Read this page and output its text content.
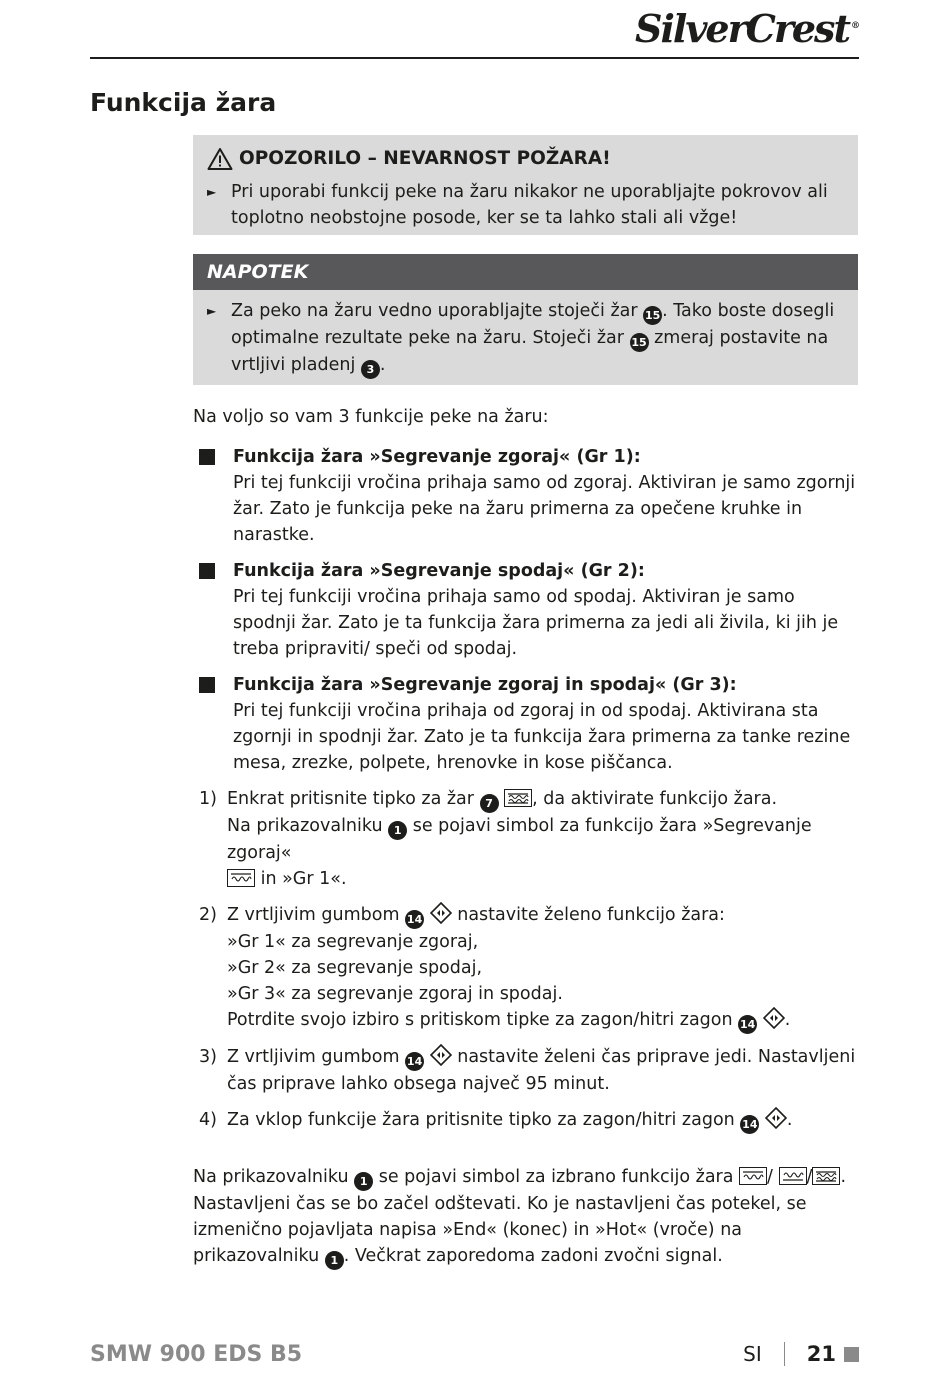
SilverCrest ®
Funkcija žara
OPOZORILO – NEVARNOST POŽARA!
► Pri uporabi funkcij peke na žaru nikakor ne uporabljajte pokrovov ali toplotno neobstojne posode, ker se ta lahko stali ali vžge!
NAPOTEK
► Za peko na žaru vedno uporabljajte stoječi žar 15 . Tako boste dosegli optimalne rezultate peke na žaru. Stoječi žar 15 zmeraj postavite na vrtljivi pladenj 3 .

Na voljo so vam 3 funkcije peke na žaru:

Funkcija žara »Segrevanje zgoraj« (Gr 1):
Pri tej funkciji vročina prihaja samo od zgoraj. Aktiviran je samo zgornji žar. Zato je funkcija peke na žaru primerna za opečene kruhke in narastke.
Funkcija žara »Segrevanje spodaj« (Gr 2):
Pri tej funkciji vročina prihaja samo od spodaj. Aktiviran je samo spodnji žar. Zato je ta funkcija žara primerna za jedi ali živila, ki jih je treba pripraviti/ speči od spodaj.
Funkcija žara »Segrevanje zgoraj in spodaj« (Gr 3):
Pri tej funkciji vročina prihaja od zgoraj in od spodaj. Aktivirana sta zgornji in spodnji žar. Zato je ta funkcija žara primerna za tanke rezine mesa, zrezke, polpete, hrenovke in kose piščanca.
1) Enkrat pritisnite tipko za žar 7 , da aktivirate funkcijo žara.
Na prikazovalniku 1 se pojavi simbol za funkcijo žara »Segrevanje zgoraj«
in »Gr 1«.
2) Z vrtljivim gumbom 14 nastavite želeno funkcijo žara:
»Gr 1« za segrevanje zgoraj,
»Gr 2« za segrevanje spodaj,
»Gr 3« za segrevanje zgoraj in spodaj.
Potrdite svojo izbiro s pritiskom tipke za zagon/hitri zagon 14 .
3) Z vrtljivim gumbom 14 nastavite želeni čas priprave jedi. Nastavljeni čas priprave lahko obsega največ 95 minut.
4) Za vklop funkcije žara pritisnite tipko za zagon/hitri zagon 14 .

Na prikazovalniku 1 se pojavi simbol za izbrano funkcijo žara / / . Nastavljeni čas se bo začel odštevati. Ko je nastavljeni čas potekel, se izmenično pojavljata napisa »End« (konec) in »Hot« (vroče) na prikazovalniku 1 . Večkrat zaporedoma zadoni zvočni signal.

SMW 900 EDS B5	SI 21
